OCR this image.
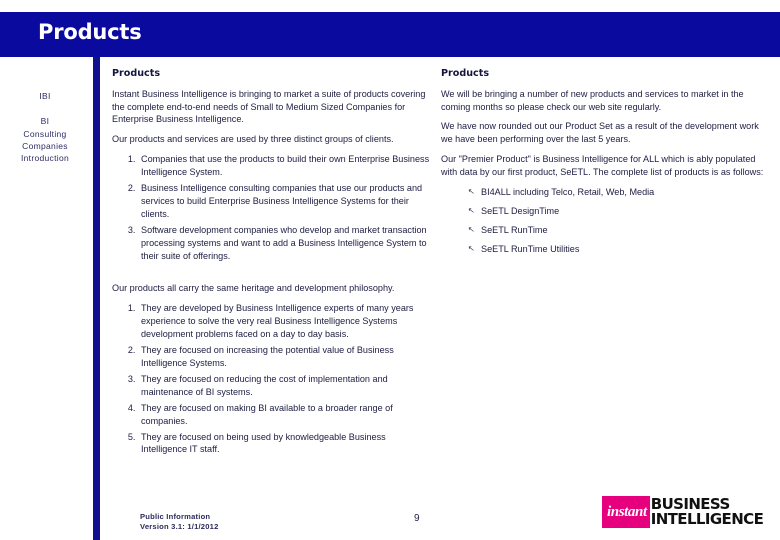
Products
IBI
BI
Consulting
Companies
Introduction
Products

Instant Business Intelligence is bringing to market a suite of products covering the complete end-to-end needs of Small to Medium Sized Companies for Enterprise Business Intelligence.

Our products and services are used by three distinct groups of clients.

1. Companies that use the products to build their own Enterprise Business Intelligence System.
2. Business Intelligence consulting companies that use our products and services to build Enterprise Business Intelligence Systems for their clients.
3. Software development companies who develop and market transaction processing systems and want to add a Business Intelligence System to their suite of offerings.

Our products all carry the same heritage and development philosophy.

1. They are developed by Business Intelligence experts of many years experience to solve the very real Business Intelligence Systems development problems faced on a day to day basis.
2. They are focused on increasing the potential value of Business Intelligence Systems.
3. They are focused on reducing the cost of implementation and maintenance of BI systems.
4. They are focused on making BI available to a broader range of companies.
5. They are focused on being used by knowledgeable Business Intelligence IT staff.
Products

We will be bringing a number of new products and services to market in the coming months so please check our web site regularly.

We have now rounded out our Product Set as a result of the development work we have been performing over the last 5 years.

Our "Premier Product" is Business Intelligence for ALL which is ably populated with data by our first product, SeETL. The complete list of products is as follows:

↗ BI4ALL including Telco, Retail, Web, Media
↗ SeETL DesignTime
↗ SeETL RunTime
↗ SeETL RunTime Utilities
Public Information
Version 3.1: 1/1/2012
9	instant BUSINESS
INTELLIGENCE
